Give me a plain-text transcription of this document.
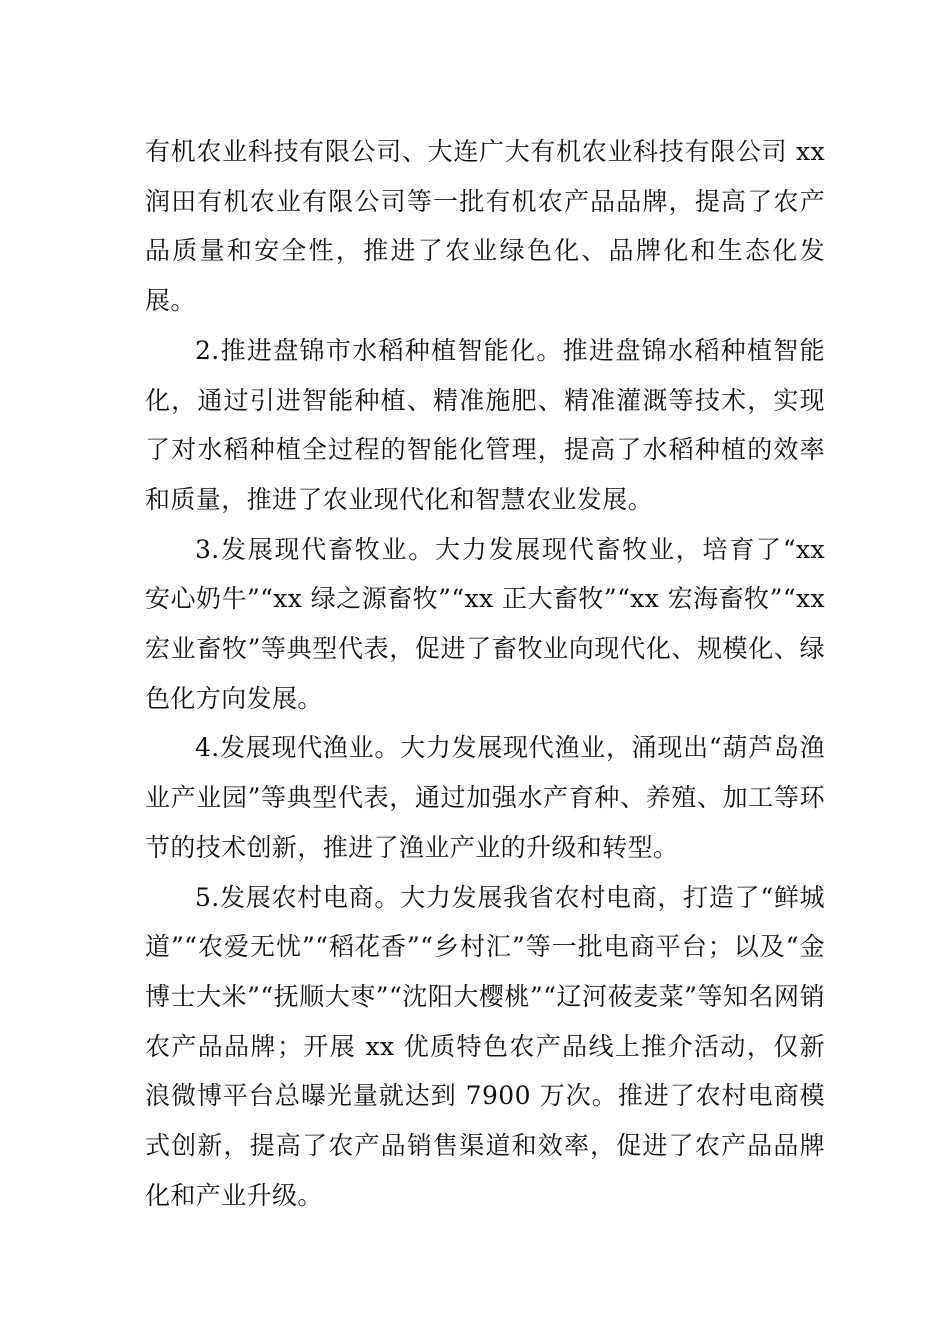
有机农业科技有限公司、大连广大有机农业科技有限公司 xx 润田有机农业有限公司等一批有机农产品品牌，提高了农产品质量和安全性，推进了农业绿色化、品牌化和生态化发展。

2.推进盘锦市水稻种植智能化。推进盘锦水稻种植智能化，通过引进智能种植、精准施肥、精准灌溉等技术，实现了对水稻种植全过程的智能化管理，提高了水稻种植的效率和质量，推进了农业现代化和智慧农业发展。

3.发展现代畜牧业。大力发展现代畜牧业，培育了“xx 安心奶牛”“xx 绿之源畜牧”“xx 正大畜牧”“xx 宏海畜牧”“xx 宏业畜牧”等典型代表，促进了畜牧业向现代化、规模化、绿色化方向发展。

4.发展现代渔业。大力发展现代渔业，涌现出“葫芦岛渔业产业园”等典型代表，通过加强水产育种、养殖、加工等环节的技术创新，推进了渔业产业的升级和转型。

5.发展农村电商。大力发展我省农村电商，打造了“鲜城道”“农爱无忧”“稻花香”“乡村汇”等一批电商平台；以及“金博士大米”“抚顺大枣”“沈阳大樱桃”“辽河莜麦菜”等知名网销农产品品牌；开展 xx 优质特色农产品线上推介活动，仅新浪微博平台总曝光量就达到 7900 万次。推进了农村电商模式创新，提高了农产品销售渠道和效率，促进了农产品品牌化和产业升级。
